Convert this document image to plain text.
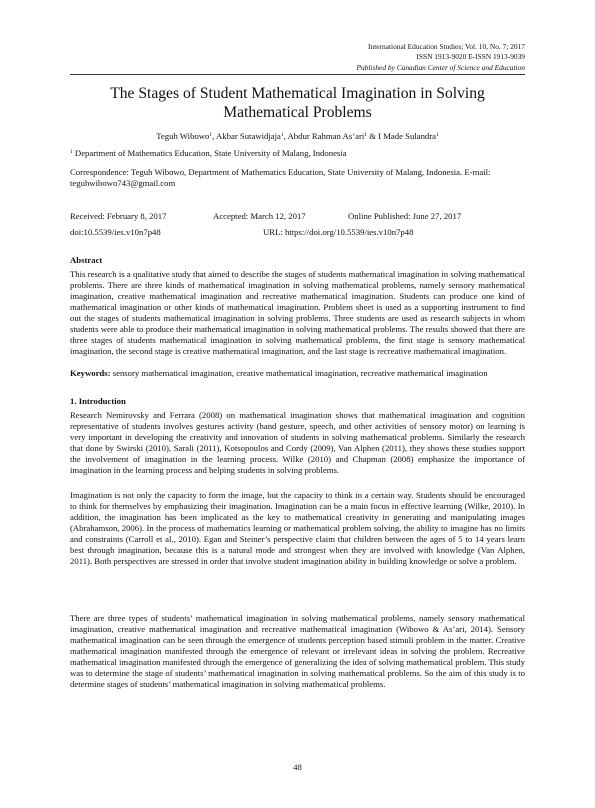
International Education Studies; Vol. 10, No. 7; 2017
ISSN 1913-9020 E-ISSN 1913-9039
Published by Canadian Center of Science and Education
The Stages of Student Mathematical Imagination in Solving Mathematical Problems
Teguh Wibowo$^1$, Akbar Sutawidjaja$^1$, Abdur Rahman As’ari$^1$ & I Made Sulandra$^1$
$^1$ Department of Mathematics Education, State University of Malang, Indonesia
Correspondence: Teguh Wibowo, Department of Mathematics Education, State University of Malang, Indonesia. E-mail: teguhwibowo743@gmail.com
Received: February 8, 2017	Accepted: March 12, 2017	Online Published: June 27, 2017
doi:10.5539/ies.v10n7p48	URL: https://doi.org/10.5539/ies.v10n7p48
Abstract
This research is a qualitative study that aimed to describe the stages of students mathematical imagination in solving mathematical problems. There are three kinds of mathematical imagination in solving mathematical problems, namely sensory mathematical imagination, creative mathematical imagination and recreative mathematical imagination. Students can produce one kind of mathematical imagination or other kinds of mathematical imagination. Problem sheet is used as a supporting instrument to find out the stages of students mathematical imagination in solving problems. Three students are used as research subjects in whom students were able to produce their mathematical imagination in solving mathematical problems. The results showed that there are three stages of students mathematical imagination in solving mathematical problems, the first stage is sensory mathematical imagination, the second stage is creative mathematical imagination, and the last stage is recreative mathematical imagination.
Keywords: sensory mathematical imagination, creative mathematical imagination, recreative mathematical imagination
1. Introduction
Research Nemirovsky and Ferrara (2008) on mathematical imagination shows that mathematical imagination and cognition representative of students involves gestures activity (hand gesture, speech, and other activities of sensory motor) on learning is very important in developing the creativity and innovation of students in solving mathematical problems. Similarly the research that done by Swirski (2010), Sarali (2011), Kotsopoulos and Cordy (2009), Van Alphen (2011), they shows these studies support the involvement of imagination in the learning process. Wilke (2010) and Chapman (2008) emphasize the importance of imagination in the learning process and helping students in solving problems.
Imagination is not only the capacity to form the image, but the capacity to think in a certain way. Students should be encouraged to think for themselves by emphasizing their imagination. Imagination can be a main focus in effective learning (Wilke, 2010). In addition, the imagination has been implicated as the key to mathematical creativity in generating and manipulating images (Abrahamson, 2006). In the process of mathematics learning or mathematical problem solving, the ability to imagine has no limits and constraints (Carroll et al., 2010). Egan and Steiner’s perspective claim that children between the ages of 5 to 14 years learn best through imagination, because this is a natural mode and strongest when they are involved with knowledge (Van Alphen, 2011). Both perspectives are stressed in order that involve student imagination ability in building knowledge or solve a problem.
There are three types of students’ mathematical imagination in solving mathematical problems, namely sensory mathematical imagination, creative mathematical imagination and recreative mathematical imagination (Wibowo & As’ari, 2014). Sensory mathematical imagination can be seen through the emergence of students perception based stimuli problem in the matter. Creative mathematical imagination manifested through the emergence of relevant or irrelevant ideas in solving the problem. Recreative mathematical imagination manifested through the emergence of generalizing the idea of solving mathematical problem. This study was to determine the stage of students’ mathematical imagination in solving mathematical problems. So the aim of this study is to determine stages of students’ mathematical imagination in solving mathematical problems.
48
